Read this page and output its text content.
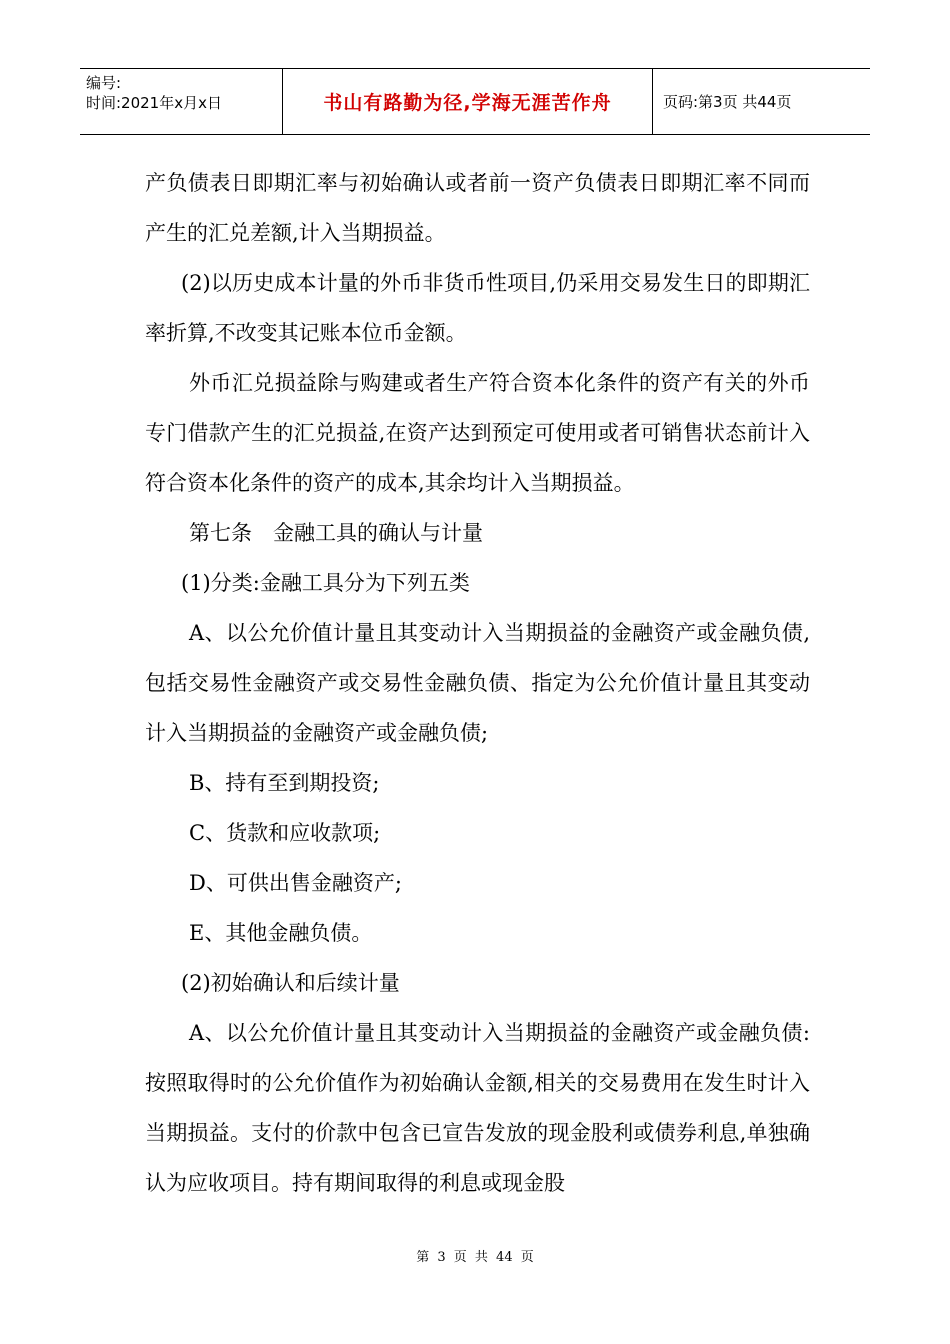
编号:
时间:2021年x月x日	书山有路勤为径,学海无涯苦作舟	页码:第3页 共44页

产负债表日即期汇率与初始确认或者前一资产负债表日即期汇率不同而产生的汇兑差额,计入当期损益。

(2)以历史成本计量的外币非货币性项目,仍采用交易发生日的即期汇率折算,不改变其记账本位币金额。

外币汇兑损益除与购建或者生产符合资本化条件的资产有关的外币专门借款产生的汇兑损益,在资产达到预定可使用或者可销售状态前计入符合资本化条件的资产的成本,其余均计入当期损益。

第七条　金融工具的确认与计量

(1)分类:金融工具分为下列五类

A、以公允价值计量且其变动计入当期损益的金融资产或金融负债,包括交易性金融资产或交易性金融负债、指定为公允价值计量且其变动计入当期损益的金融资产或金融负债;

B、持有至到期投资;

C、货款和应收款项;

D、可供出售金融资产;

E、其他金融负债。

(2)初始确认和后续计量

A、以公允价值计量且其变动计入当期损益的金融资产或金融负债:按照取得时的公允价值作为初始确认金额,相关的交易费用在发生时计入当期损益。支付的价款中包含已宣告发放的现金股利或债券利息,单独确认为应收项目。持有期间取得的利息或现金股

第 3 页 共 44 页
